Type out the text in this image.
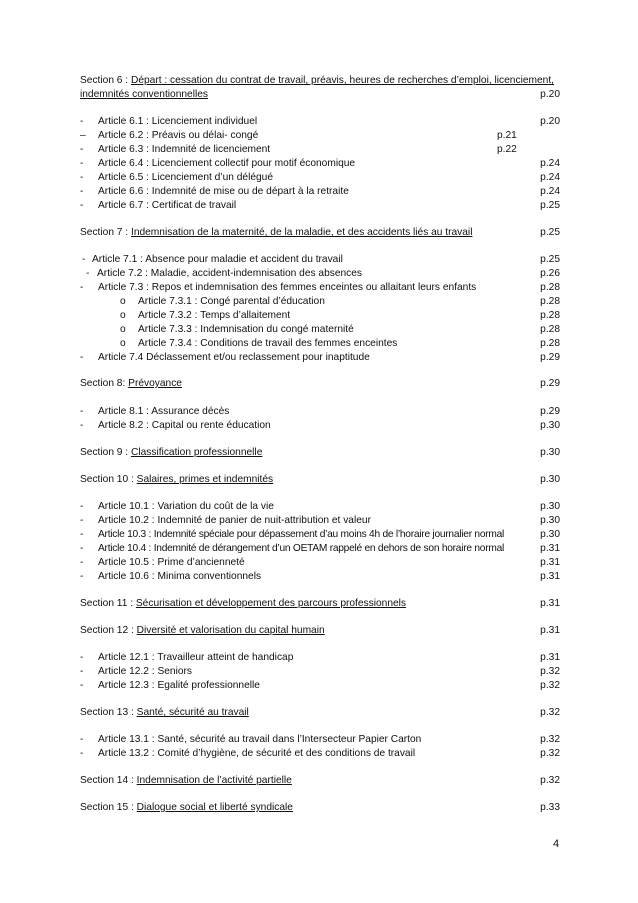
Section 6 : Départ : cessation du contrat de travail, préavis, heures de recherches d’emploi, licenciement,
indemnités conventionnelles	p.20
- Article 6.1 : Licenciement individuel	p.20
– Article 6.2 : Préavis ou délai- congé	p.21
- Article 6.3 : Indemnité de licenciement	p.22
- Article 6.4 : Licenciement collectif pour motif économique	p.24
- Article 6.5 : Licenciement d’un délégué	p.24
- Article 6.6 : Indemnité de mise ou de départ à la retraite	p.24
- Article 6.7 : Certificat de travail	p.25
Section 7 : Indemnisation de la maternité, de la maladie, et des accidents liés au travail	p.25
- Article 7.1 : Absence pour maladie et accident du travail	p.25
- Article 7.2 : Maladie, accident-indemnisation des absences	p.26
- Article 7.3 : Repos et indemnisation des femmes enceintes ou allaitant leurs enfants	p.28
o Article 7.3.1 : Congé parental d’éducation	p.28
o Article 7.3.2 : Temps d’allaitement	p.28
o Article 7.3.3 : Indemnisation du congé maternité	p.28
o Article 7.3.4 : Conditions de travail des femmes enceintes	p.28
- Article 7.4 Déclassement et/ou reclassement pour inaptitude	p.29
Section 8: Prévoyance	p.29
- Article 8.1 : Assurance décès	p.29
- Article 8.2 : Capital ou rente éducation	p.30
Section 9 : Classification professionnelle	p.30
Section 10 : Salaires, primes et indemnités	p.30
- Article 10.1 : Variation du coût de la vie	p.30
- Article 10.2 : Indemnité de panier de nuit-attribution et valeur	p.30
- Article 10.3 : Indemnité spéciale pour dépassement d’au moins 4h de l’horaire journalier normal	p.30
- Article 10.4 : Indemnité de dérangement d’un OETAM rappelé en dehors de son horaire normal	p.31
- Article 10.5 : Prime d’ancienneté	p.31
- Article 10.6 : Minima conventionnels	p.31
Section 11 : Sécurisation et développement des parcours professionnels	p.31
Section 12 : Diversité et valorisation du capital humain	p.31
- Article 12.1 : Travailleur atteint de handicap	p.31
- Article 12.2 : Seniors	p.32
- Article 12.3 : Egalité professionnelle	p.32
Section 13 : Santé, sécurité au travail	p.32
- Article 13.1 : Santé, sécurité au travail dans l’Intersecteur Papier Carton	p.32
- Article 13.2 : Comité d’hygiène, de sécurité et des conditions de travail	p.32
Section 14 : Indemnisation de l’activité partielle	p.32
Section 15 : Dialogue social et liberté syndicale	p.33
4
